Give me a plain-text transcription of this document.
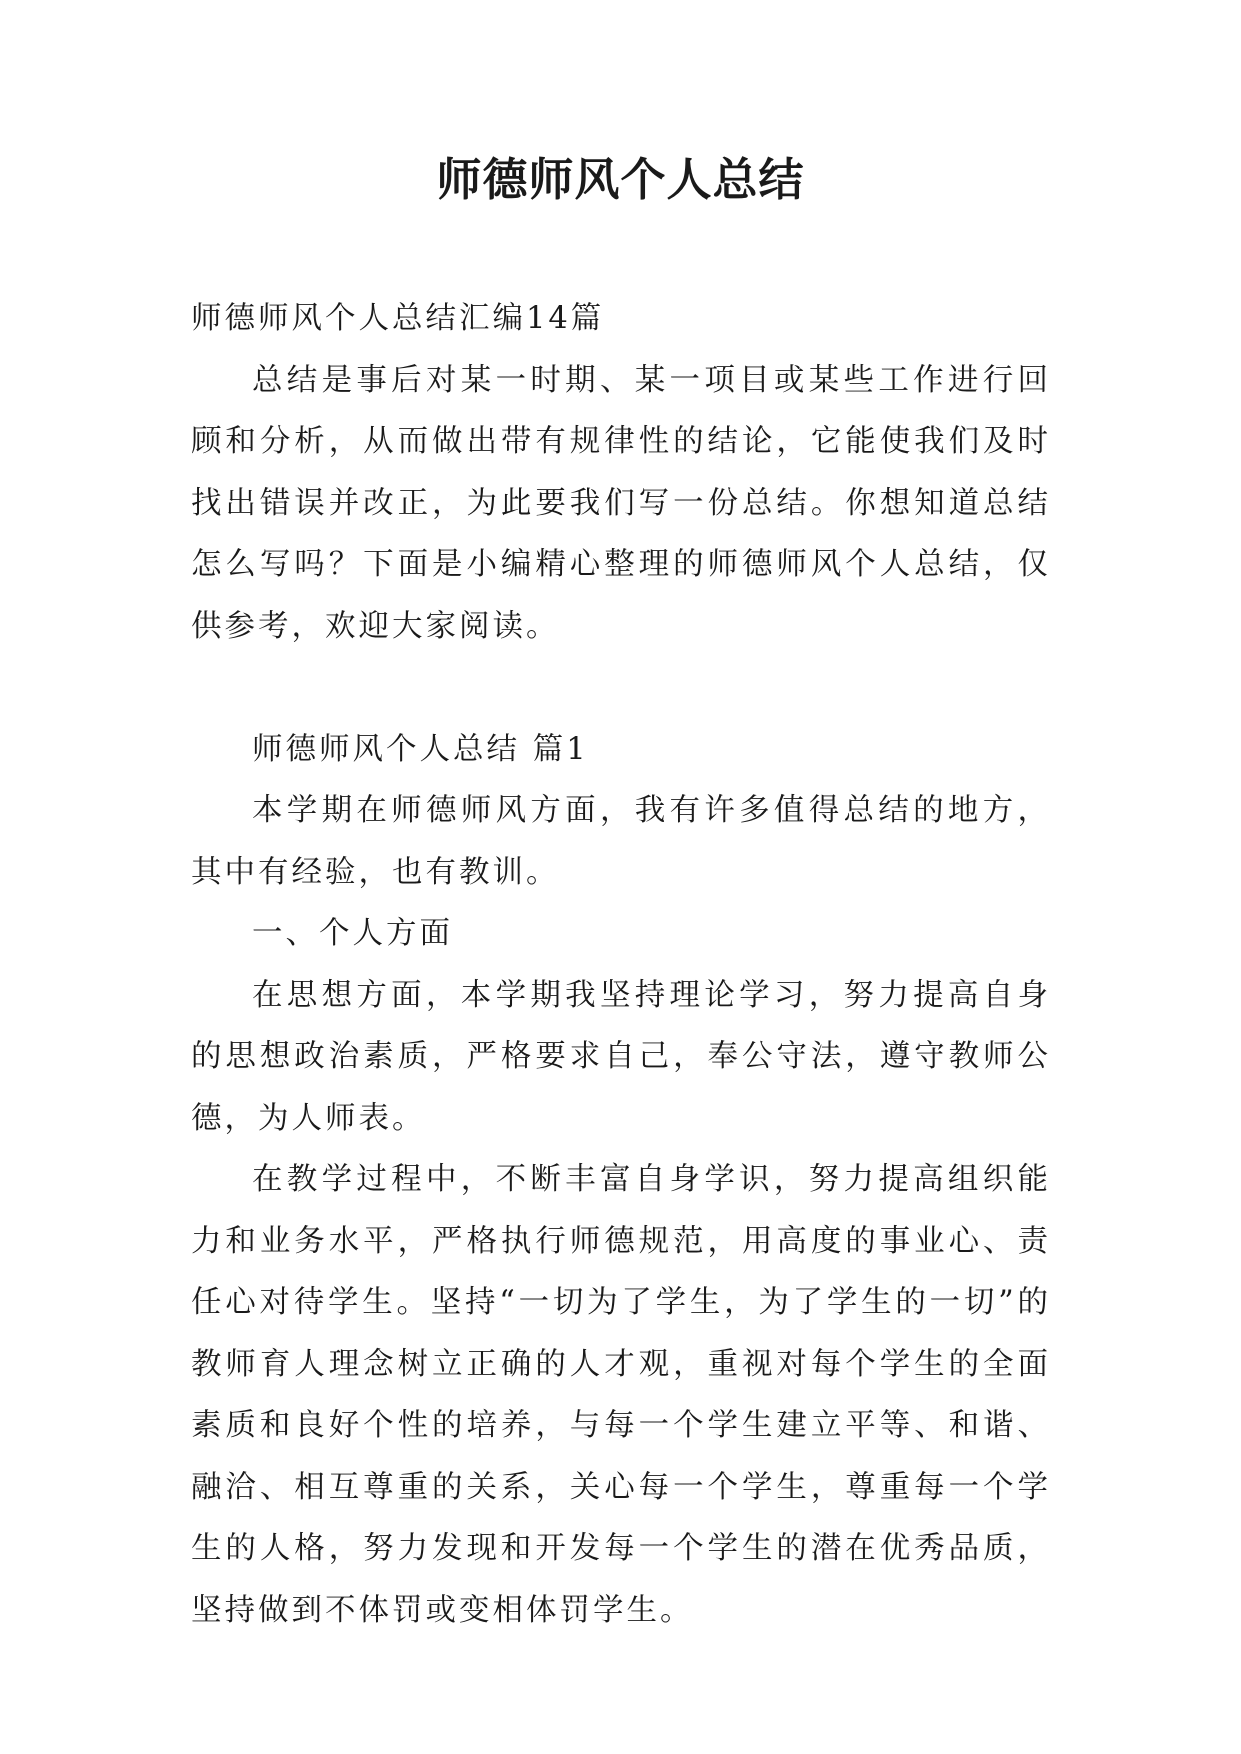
师德师风个人总结

师德师风个人总结汇编14篇

总结是事后对某一时期、某一项目或某些工作进行回顾和分析，从而做出带有规律性的结论，它能使我们及时找出错误并改正，为此要我们写一份总结。你想知道总结怎么写吗？下面是小编精心整理的师德师风个人总结，仅供参考，欢迎大家阅读。

师德师风个人总结 篇1

本学期在师德师风方面，我有许多值得总结的地方，其中有经验，也有教训。

一、个人方面

在思想方面，本学期我坚持理论学习，努力提高自身的思想政治素质，严格要求自己，奉公守法，遵守教师公德，为人师表。

在教学过程中，不断丰富自身学识，努力提高组织能力和业务水平，严格执行师德规范，用高度的事业心、责任心对待学生。坚持“一切为了学生，为了学生的一切”的教师育人理念树立正确的人才观，重视对每个学生的全面素质和良好个性的培养，与每一个学生建立平等、和谐、融洽、相互尊重的关系，关心每一个学生，尊重每一个学生的人格，努力发现和开发每一个学生的潜在优秀品质，坚持做到不体罚或变相体罚学生。
